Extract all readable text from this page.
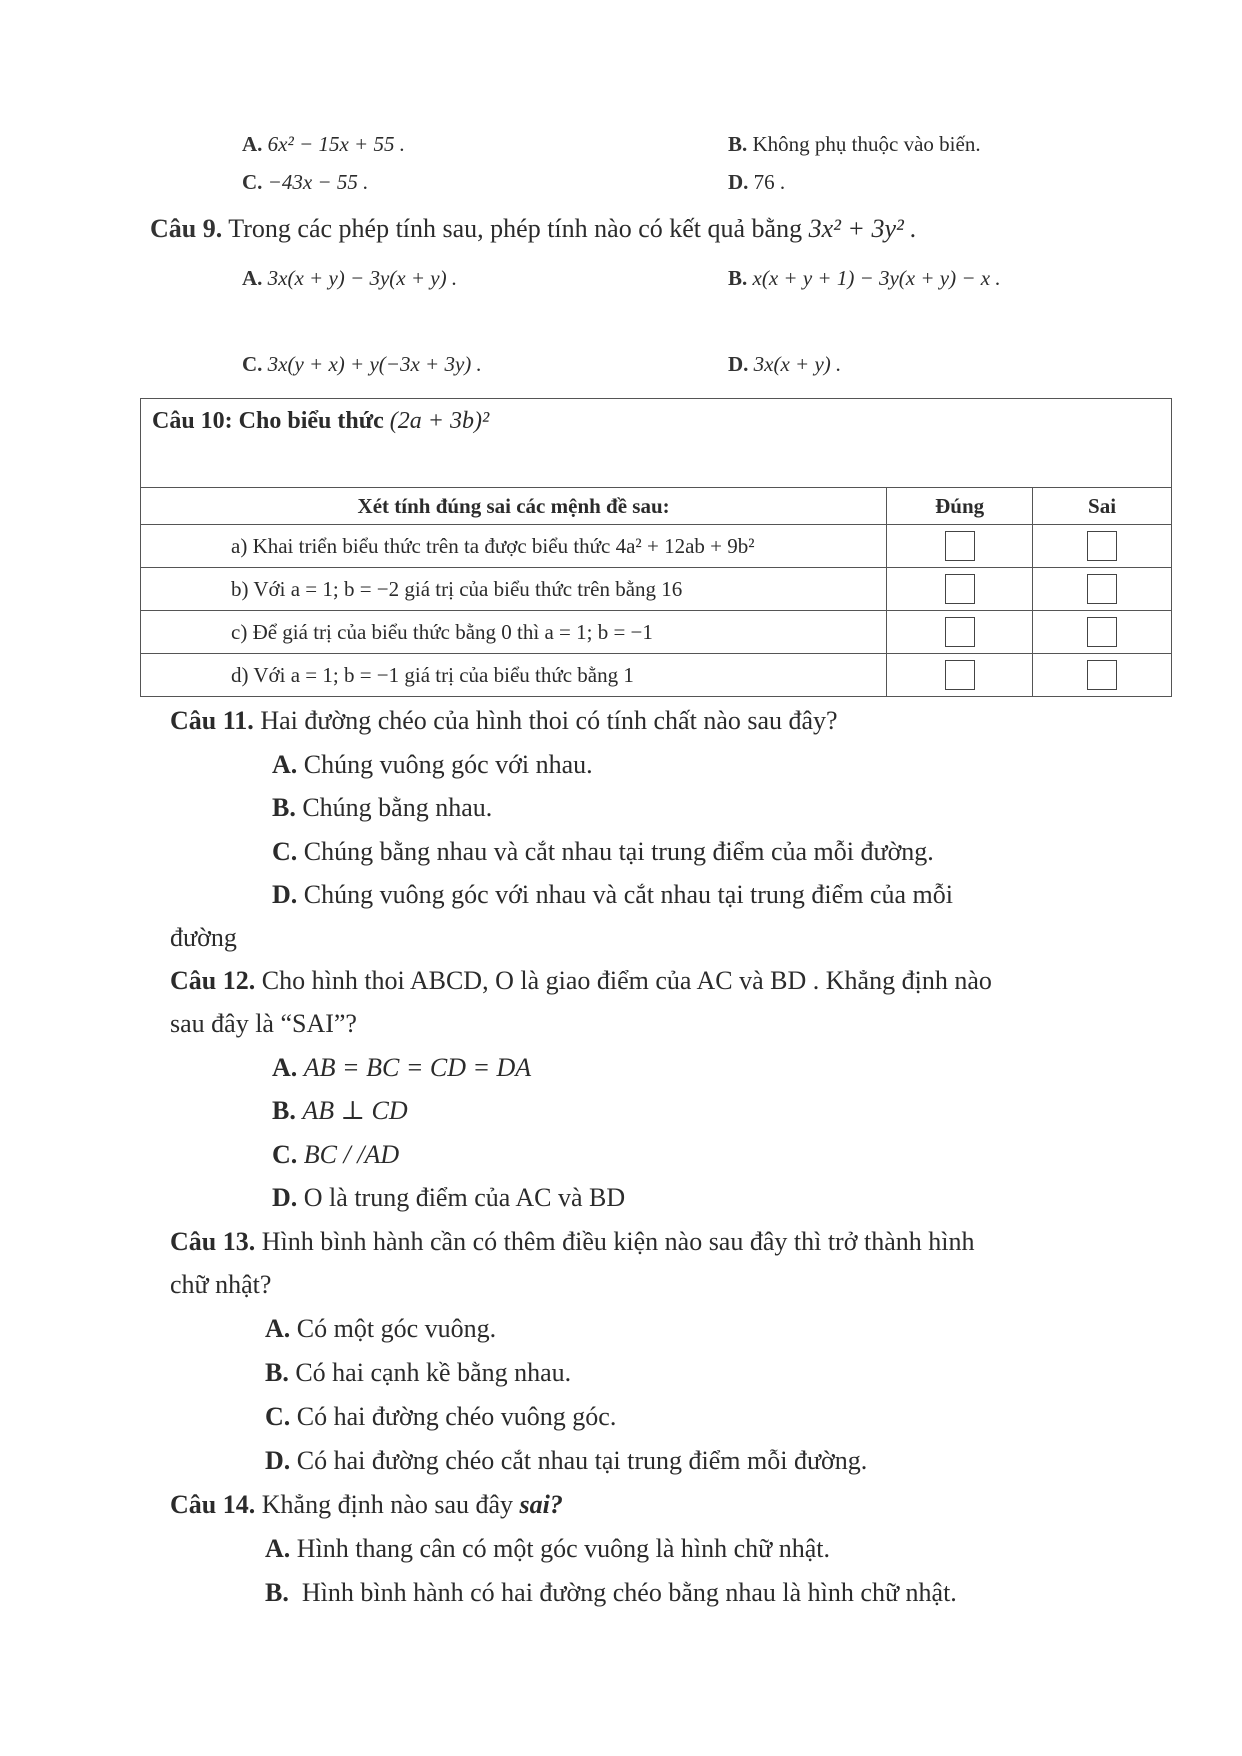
A. 6x² − 15x + 55 .	B. Không phụ thuộc vào biến.
C. −43x − 55 .	D. 76 .
Câu 9. Trong các phép tính sau, phép tính nào có kết quả bằng 3x² + 3y² .
A. 3x(x + y) − 3y(x + y) .	B. x(x + y + 1) − 3y(x + y) − x .
C. 3x(y + x) + y(−3x + 3y) .	D. 3x(x + y) .
Câu 10: Cho biểu thức (2a + 3b)²
Xét tính đúng sai các mệnh đề sau:	Đúng	Sai
a) Khai triển biểu thức trên ta được biểu thức 4a² + 12ab + 9b²		
b) Với a = 1; b = −2 giá trị của biểu thức trên bằng 16		
c) Để giá trị của biểu thức bằng 0 thì a = 1; b = −1		
d) Với a = 1; b = −1 giá trị của biểu thức bằng 1		
Câu 11. Hai đường chéo của hình thoi có tính chất nào sau đây?
A. Chúng vuông góc với nhau.
B. Chúng bằng nhau.
C. Chúng bằng nhau và cắt nhau tại trung điểm của mỗi đường.
D. Chúng vuông góc với nhau và cắt nhau tại trung điểm của mỗi
đường
Câu 12. Cho hình thoi ABCD, O là giao điểm của AC và BD . Khẳng định nào
sau đây là “SAI”?
A. AB = BC = CD = DA
B. AB ⊥ CD
C. BC / /AD
D. O là trung điểm của AC và BD
Câu 13. Hình bình hành cần có thêm điều kiện nào sau đây thì trở thành hình
chữ nhật?
A. Có một góc vuông.
B. Có hai cạnh kề bằng nhau.
C. Có hai đường chéo vuông góc.
D. Có hai đường chéo cắt nhau tại trung điểm mỗi đường.
Câu 14. Khẳng định nào sau đây sai?
A. Hình thang cân có một góc vuông là hình chữ nhật.
B. Hình bình hành có hai đường chéo bằng nhau là hình chữ nhật.
